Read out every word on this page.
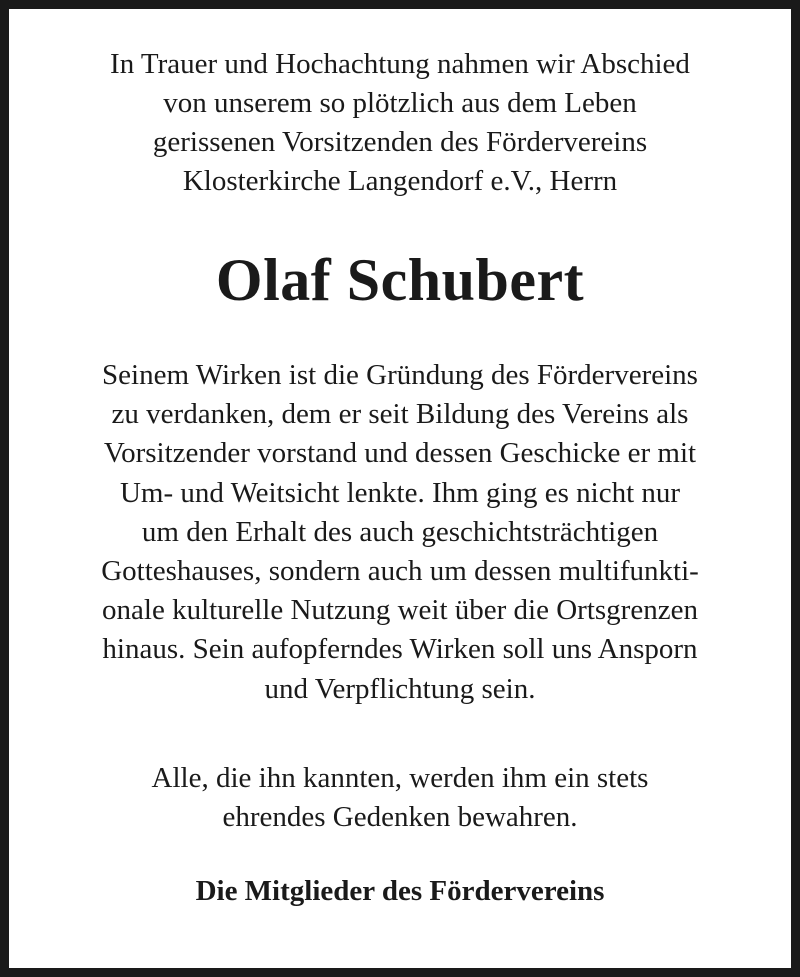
In Trauer und Hochachtung nahmen wir Abschied
von unserem so plötzlich aus dem Leben
gerissenen Vorsitzenden des Fördervereins
Klosterkirche Langendorf e.V., Herrn
Olaf Schubert
Seinem Wirken ist die Gründung des Fördervereins
zu verdanken, dem er seit Bildung des Vereins als
Vorsitzender vorstand und dessen Geschicke er mit
Um- und Weitsicht lenkte. Ihm ging es nicht nur
um den Erhalt des auch geschichtsträchtigen
Gotteshauses, sondern auch um dessen multifunkti-
onale kulturelle Nutzung weit über die Ortsgrenzen
hinaus. Sein aufopferndes Wirken soll uns Ansporn
und Verpflichtung sein.
Alle, die ihn kannten, werden ihm ein stets
ehrendes Gedenken bewahren.
Die Mitglieder des Fördervereins
